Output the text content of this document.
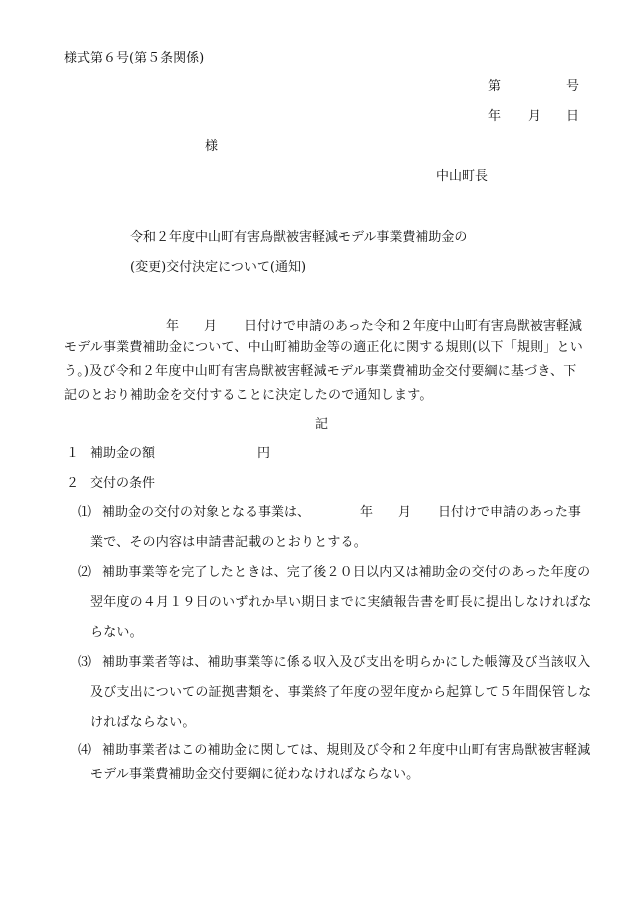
様式第６号(第５条関係)
第	号
年 月 日
様
中山町長
令和２年度中山町有害鳥獣被害軽減モデル事業費補助金の
(変更)交付決定について(通知)
年 月 日付けで申請のあった令和２年度中山町有害鳥獣被害軽減
モデル事業費補助金について、中山町補助金等の適正化に関する規則(以下「規則」とい
う。)及び令和２年度中山町有害鳥獣被害軽減モデル事業費補助金交付要綱に基づき、下
記のとおり補助金を交付することに決定したので通知します。
記
１ 補助金の額	円
２ 交付の条件
⑴ 補助金の交付の対象となる事業は、	年 月 日付けで申請のあった事
業で、その内容は申請書記載のとおりとする。
⑵ 補助事業等を完了したときは、完了後２０日以内又は補助金の交付のあった年度の
翌年度の４月１９日のいずれか早い期日までに実績報告書を町長に提出しなければな
らない。
⑶ 補助事業者等は、補助事業等に係る収入及び支出を明らかにした帳簿及び当該収入
及び支出についての証拠書類を、事業終了年度の翌年度から起算して５年間保管しな
ければならない。
⑷ 補助事業者はこの補助金に関しては、規則及び令和２年度中山町有害鳥獣被害軽減
モデル事業費補助金交付要綱に従わなければならない。
